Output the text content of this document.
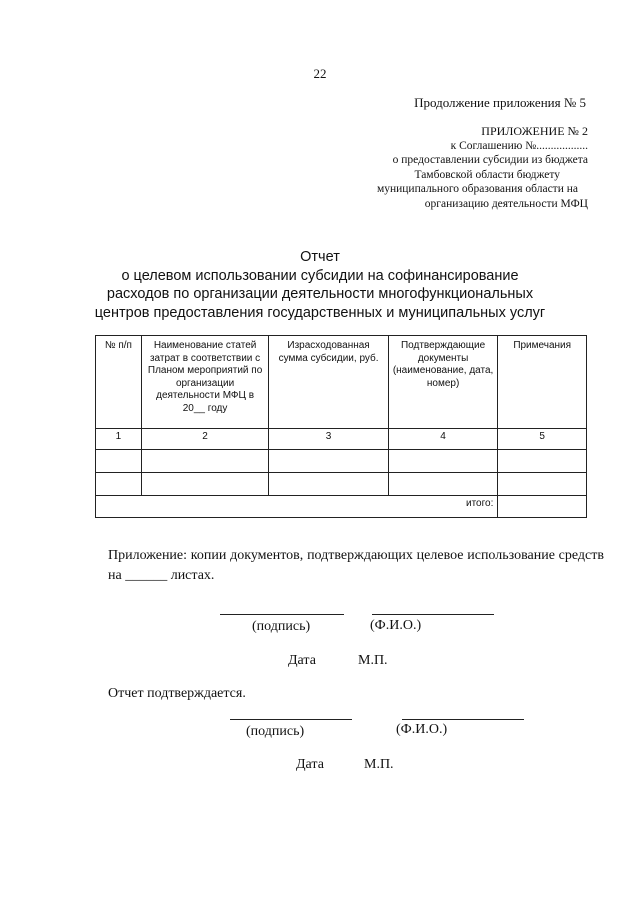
22
Продолжение приложения № 5
ПРИЛОЖЕНИЕ № 2
к Соглашению №..................
о предоставлении субсидии из бюджета
Тамбовской области бюджету
муниципального образования области на
организацию деятельности МФЦ
Отчет
о целевом использовании субсидии на софинансирование
расходов по организации деятельности многофункциональных
центров предоставления государственных и муниципальных услуг
№ п/п	Наименование статей затрат в соответствии с Планом мероприятий по организации деятельности МФЦ в 20__ году	Израсходованная сумма субсидии, руб.	Подтверждающие документы (наименование, дата, номер)	Примечания
1	2	3	4	5

итого:				
Приложение: копии документов, подтверждающих целевое использование средств на ______ листах.
(подпись)	(Ф.И.О.)
Дата	М.П.
Отчет подтверждается.
(подпись)	(Ф.И.О.)
Дата	М.П.
